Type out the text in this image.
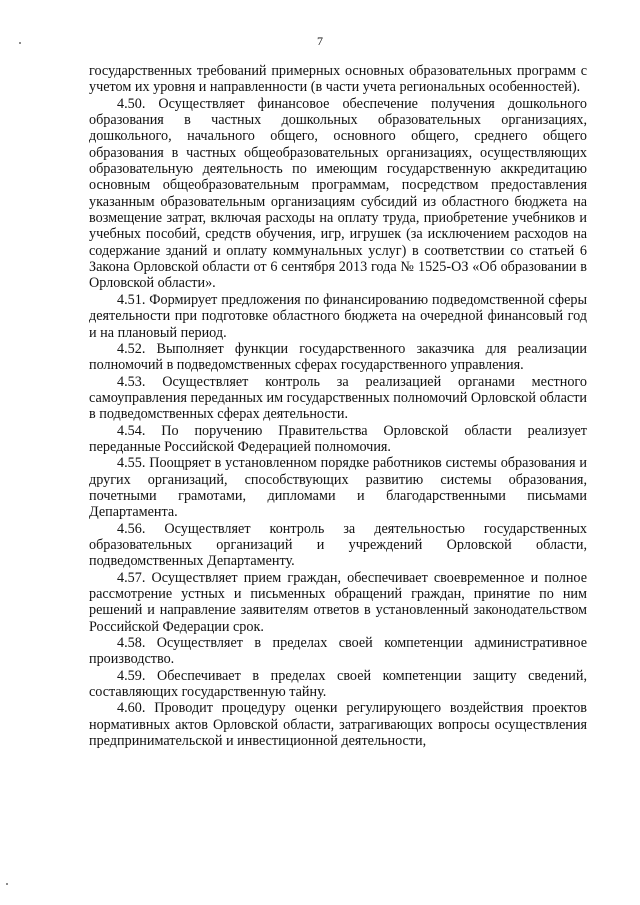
7

государственных требований примерных основных образовательных программ с учетом их уровня и направленности (в части учета региональных особенностей).

4.50. Осуществляет финансовое обеспечение получения дошкольного образования в частных дошкольных образовательных организациях, дошкольного, начального общего, основного общего, среднего общего образования в частных общеобразовательных организациях, осуществляющих образовательную деятельность по имеющим государственную аккредитацию основным общеобразовательным программам, посредством предоставления указанным образовательным организациям субсидий из областного бюджета на возмещение затрат, включая расходы на оплату труда, приобретение учебников и учебных пособий, средств обучения, игр, игрушек (за исключением расходов на содержание зданий и оплату коммунальных услуг) в соответствии со статьей 6 Закона Орловской области от 6 сентября 2013 года № 1525-ОЗ «Об образовании в Орловской области».

4.51. Формирует предложения по финансированию подведомственной сферы деятельности при подготовке областного бюджета на очередной финансовый год и на плановый период.

4.52. Выполняет функции государственного заказчика для реализации полномочий в подведомственных сферах государственного управления.

4.53. Осуществляет контроль за реализацией органами местного самоуправления переданных им государственных полномочий Орловской области в подведомственных сферах деятельности.

4.54. По поручению Правительства Орловской области реализует переданные Российской Федерацией полномочия.

4.55. Поощряет в установленном порядке работников системы образования и других организаций, способствующих развитию системы образования, почетными грамотами, дипломами и благодарственными письмами Департамента.

4.56. Осуществляет контроль за деятельностью государственных образовательных организаций и учреждений Орловской области, подведомственных Департаменту.

4.57. Осуществляет прием граждан, обеспечивает своевременное и полное рассмотрение устных и письменных обращений граждан, принятие по ним решений и направление заявителям ответов в установленный законодательством Российской Федерации срок.

4.58. Осуществляет в пределах своей компетенции административное производство.

4.59. Обеспечивает в пределах своей компетенции защиту сведений, составляющих государственную тайну.

4.60. Проводит процедуру оценки регулирующего воздействия проектов нормативных актов Орловской области, затрагивающих вопросы осуществления предпринимательской и инвестиционной деятельности,
